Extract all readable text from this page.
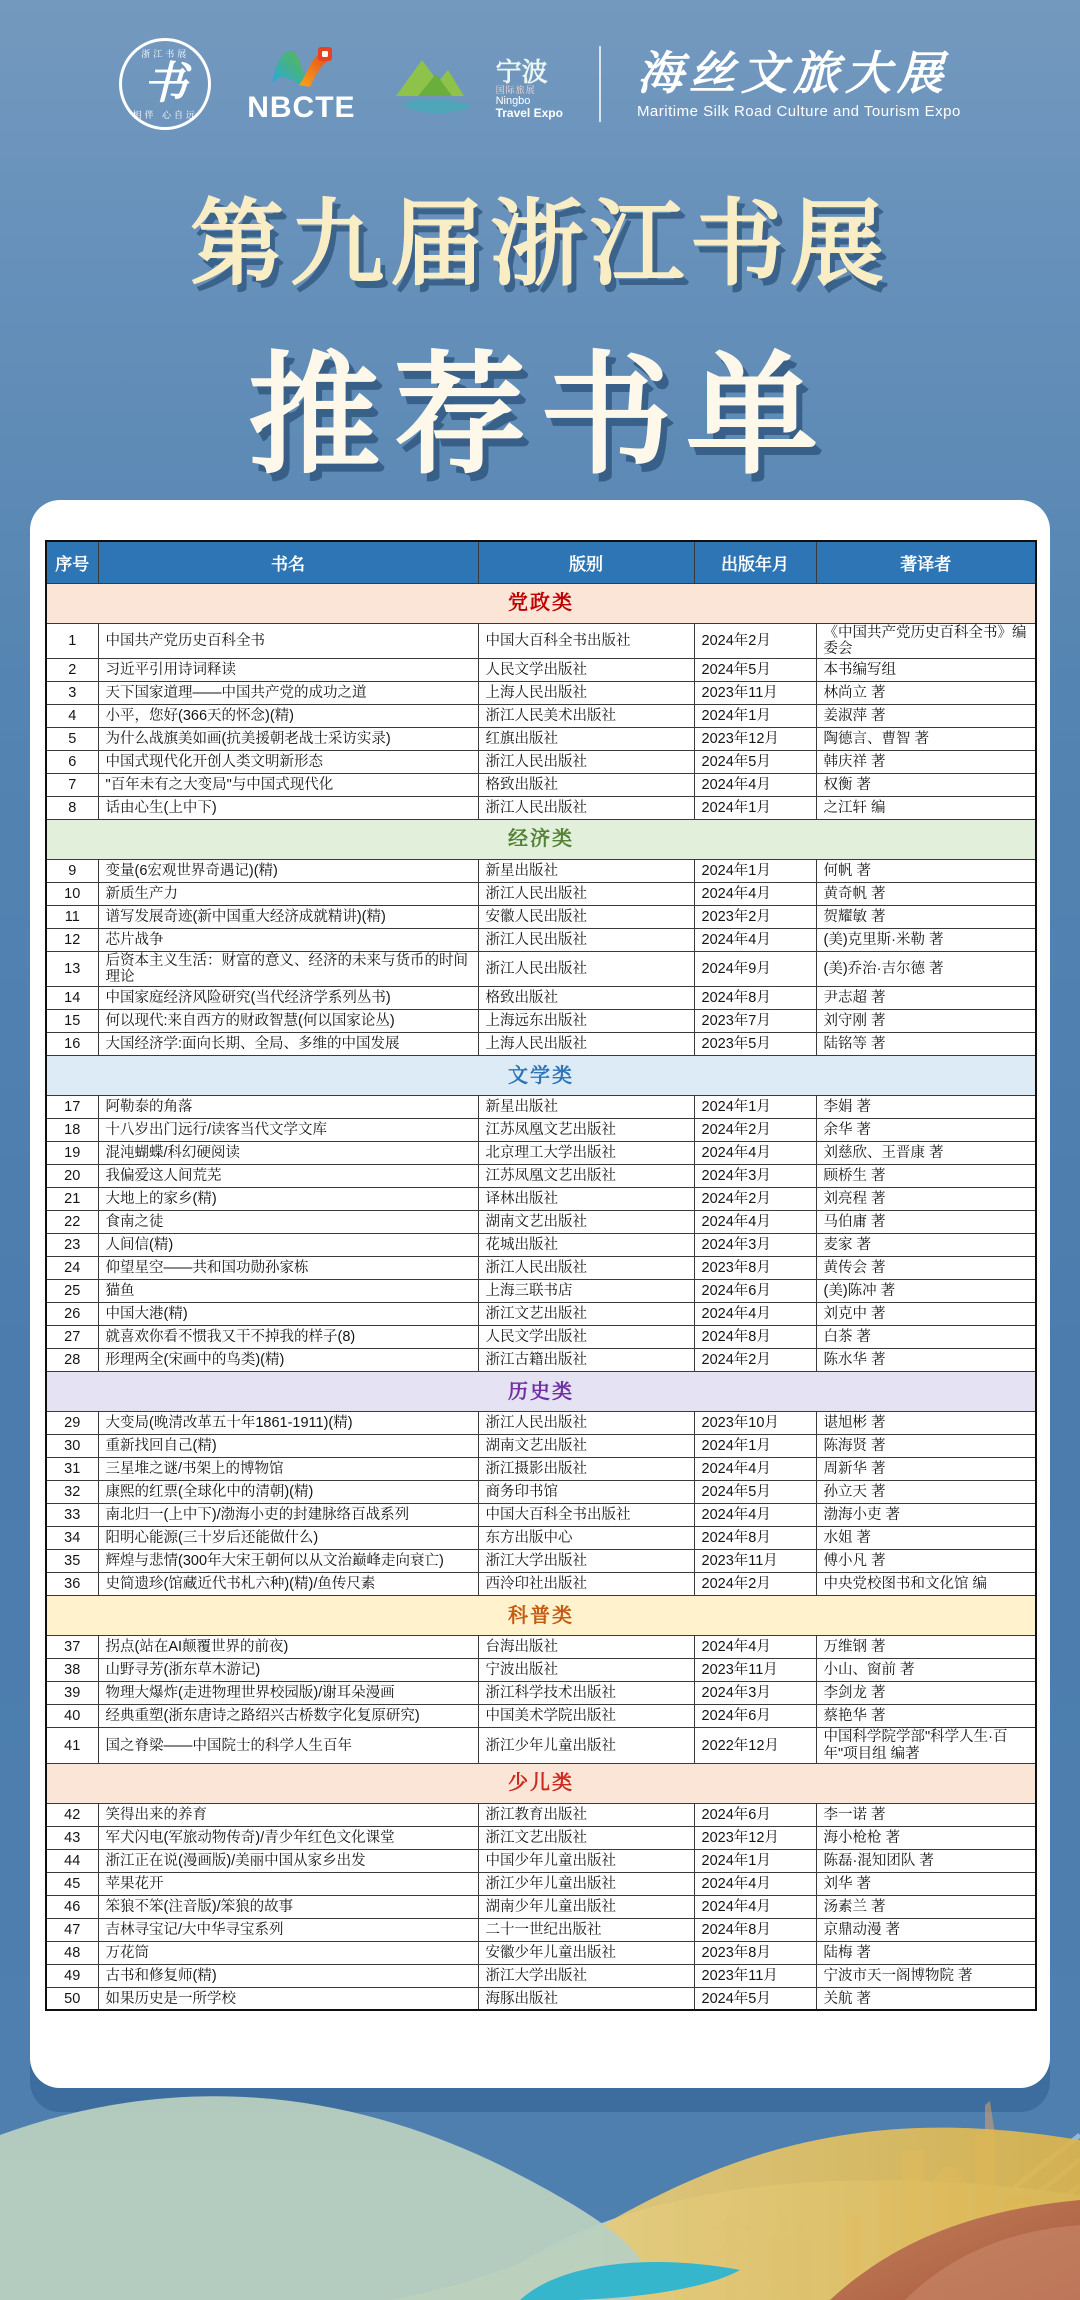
浙江书展
书
相伴 心自远 NBCTE
宁波
国际旅展
Ningbo
Travel Expo
海丝文旅大展
Maritime Silk Road Culture and Tourism Expo
第九届浙江书展
推荐书单
序号	书名	版别	出版年月	著译者
党政类				
1	中国共产党历史百科全书	中国大百科全书出版社	2024年2月	《中国共产党历史百科全书》编委会
2	习近平引用诗词释读	人民文学出版社	2024年5月	本书编写组
3	天下国家道理——中国共产党的成功之道	上海人民出版社	2023年11月	林尚立 著
4	小平，您好(366天的怀念)(精)	浙江人民美术出版社	2024年1月	姜淑萍 著
5	为什么战旗美如画(抗美援朝老战士采访实录)	红旗出版社	2023年12月	陶德言、曹智 著
6	中国式现代化开创人类文明新形态	浙江人民出版社	2024年5月	韩庆祥 著
7	"百年未有之大变局"与中国式现代化	格致出版社	2024年4月	权衡 著
8	话由心生(上中下)	浙江人民出版社	2024年1月	之江轩 编
经济类				
9	变量(6宏观世界奇遇记)(精)	新星出版社	2024年1月	何帆 著
10	新质生产力	浙江人民出版社	2024年4月	黄奇帆 著
11	谱写发展奇迹(新中国重大经济成就精讲)(精)	安徽人民出版社	2023年2月	贺耀敏 著
12	芯片战争	浙江人民出版社	2024年4月	(美)克里斯·米勒 著
13	后资本主义生活：财富的意义、经济的未来与货币的时间理论	浙江人民出版社	2024年9月	(美)乔治·吉尔德 著
14	中国家庭经济风险研究(当代经济学系列丛书)	格致出版社	2024年8月	尹志超 著
15	何以现代:来自西方的财政智慧(何以国家论丛)	上海远东出版社	2023年7月	刘守刚 著
16	大国经济学:面向长期、全局、多维的中国发展	上海人民出版社	2023年5月	陆铭等 著
文学类				
17	阿勒泰的角落	新星出版社	2024年1月	李娟 著
18	十八岁出门远行/读客当代文学文库	江苏凤凰文艺出版社	2024年2月	余华 著
19	混沌蝴蝶/科幻硬阅读	北京理工大学出版社	2024年4月	刘慈欣、王晋康 著
20	我偏爱这人间荒芜	江苏凤凰文艺出版社	2024年3月	顾桥生 著
21	大地上的家乡(精)	译林出版社	2024年2月	刘亮程 著
22	食南之徒	湖南文艺出版社	2024年4月	马伯庸 著
23	人间信(精)	花城出版社	2024年3月	麦家 著
24	仰望星空——共和国功勋孙家栋	浙江人民出版社	2023年8月	黄传会 著
25	猫鱼	上海三联书店	2024年6月	(美)陈冲 著
26	中国大港(精)	浙江文艺出版社	2024年4月	刘克中 著
27	就喜欢你看不惯我又干不掉我的样子(8)	人民文学出版社	2024年8月	白茶 著
28	形理两全(宋画中的鸟类)(精)	浙江古籍出版社	2024年2月	陈水华 著
历史类				
29	大变局(晚清改革五十年1861-1911)(精)	浙江人民出版社	2023年10月	谌旭彬 著
30	重新找回自己(精)	湖南文艺出版社	2024年1月	陈海贤 著
31	三星堆之谜/书架上的博物馆	浙江摄影出版社	2024年4月	周新华 著
32	康熙的红票(全球化中的清朝)(精)	商务印书馆	2024年5月	孙立天 著
33	南北归一(上中下)/渤海小吏的封建脉络百战系列	中国大百科全书出版社	2024年4月	渤海小吏 著
34	阳明心能源(三十岁后还能做什么)	东方出版中心	2024年8月	水姐 著
35	辉煌与悲情(300年大宋王朝何以从文治巅峰走向衰亡)	浙江大学出版社	2023年11月	傅小凡 著
36	史简遗珍(馆藏近代书札六种)(精)/鱼传尺素	西泠印社出版社	2024年2月	中央党校图书和文化馆 编
科普类				
37	拐点(站在AI颠覆世界的前夜)	台海出版社	2024年4月	万维钢 著
38	山野寻芳(浙东草木游记)	宁波出版社	2023年11月	小山、窗前 著
39	物理大爆炸(走进物理世界校园版)/谢耳朵漫画	浙江科学技术出版社	2024年3月	李剑龙 著
40	经典重塑(浙东唐诗之路绍兴古桥数字化复原研究)	中国美术学院出版社	2024年6月	蔡艳华 著
41	国之脊梁——中国院士的科学人生百年	浙江少年儿童出版社	2022年12月	中国科学院学部"科学人生·百年"项目组 编著
少儿类				
42	笑得出来的养育	浙江教育出版社	2024年6月	李一诺 著
43	军犬闪电(军旅动物传奇)/青少年红色文化课堂	浙江文艺出版社	2023年12月	海小枪枪 著
44	浙江正在说(漫画版)/美丽中国从家乡出发	中国少年儿童出版社	2024年1月	陈磊·混知团队 著
45	苹果花开	浙江少年儿童出版社	2024年4月	刘华 著
46	笨狼不笨(注音版)/笨狼的故事	湖南少年儿童出版社	2024年4月	汤素兰 著
47	吉林寻宝记/大中华寻宝系列	二十一世纪出版社	2024年8月	京鼎动漫 著
48	万花筒	安徽少年儿童出版社	2023年8月	陆梅 著
49	古书和修复师(精)	浙江大学出版社	2023年11月	宁波市天一阁博物院 著
50	如果历史是一所学校	海豚出版社	2024年5月	关航 著
